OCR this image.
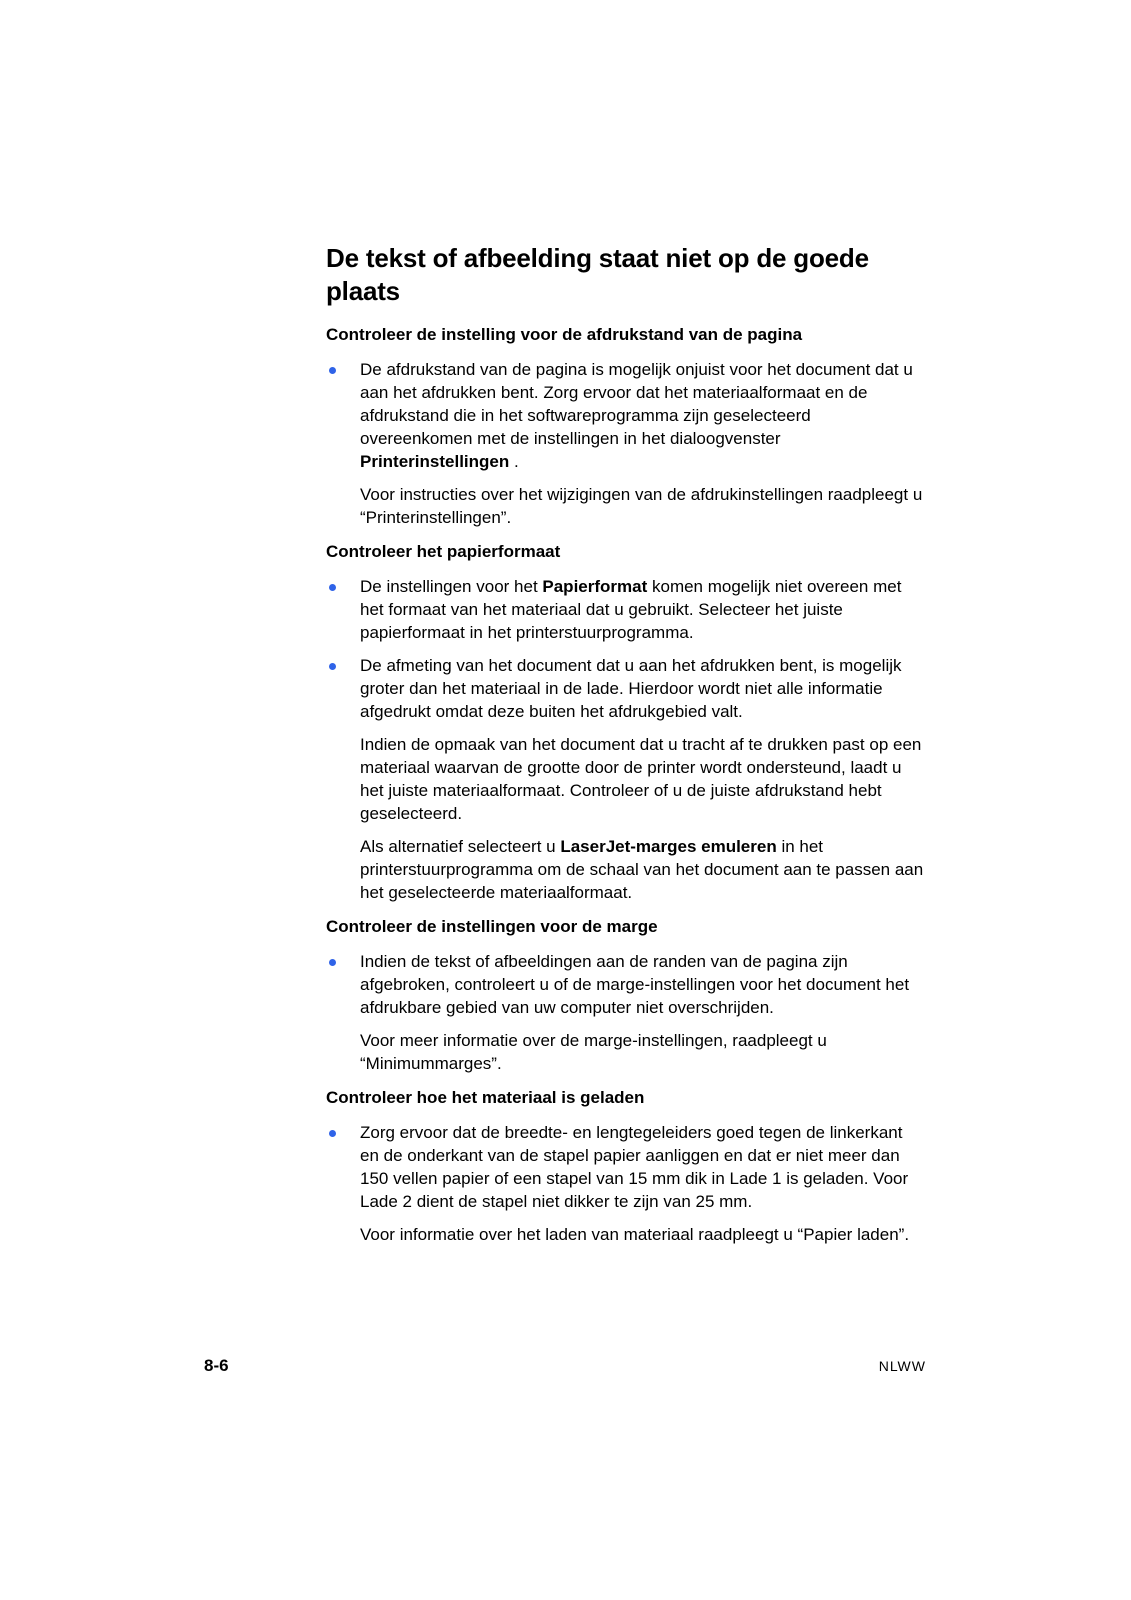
De tekst of afbeelding staat niet op de goede plaats
Controleer de instelling voor de afdrukstand van de pagina

De afdrukstand van de pagina is mogelijk onjuist voor het document dat u aan het afdrukken bent. Zorg ervoor dat het materiaalformaat en de afdrukstand die in het softwareprogramma zijn geselecteerd overeenkomen met de instellingen in het dialoogvenster Printerinstellingen .

Voor instructies over het wijzigingen van de afdrukinstellingen raadpleegt u “Printerinstellingen”.

Controleer het papierformaat

De instellingen voor het Papierformat komen mogelijk niet overeen met het formaat van het materiaal dat u gebruikt. Selecteer het juiste papierformaat in het printerstuurprogramma.

De afmeting van het document dat u aan het afdrukken bent, is mogelijk groter dan het materiaal in de lade. Hierdoor wordt niet alle informatie afgedrukt omdat deze buiten het afdrukgebied valt.

Indien de opmaak van het document dat u tracht af te drukken past op een materiaal waarvan de grootte door de printer wordt ondersteund, laadt u het juiste materiaalformaat. Controleer of u de juiste afdrukstand hebt geselecteerd.

Als alternatief selecteert u LaserJet-marges emuleren in het printerstuurprogramma om de schaal van het document aan te passen aan het geselecteerde materiaalformaat.

Controleer de instellingen voor de marge

Indien de tekst of afbeeldingen aan de randen van de pagina zijn afgebroken, controleert u of de marge-instellingen voor het document het afdrukbare gebied van uw computer niet overschrijden.

Voor meer informatie over de marge-instellingen, raadpleegt u “Minimummarges”.

Controleer hoe het materiaal is geladen

Zorg ervoor dat de breedte- en lengtegeleiders goed tegen de linkerkant en de onderkant van de stapel papier aanliggen en dat er niet meer dan 150 vellen papier of een stapel van 15 mm dik in Lade 1 is geladen. Voor Lade 2 dient de stapel niet dikker te zijn van 25 mm.

Voor informatie over het laden van materiaal raadpleegt u “Papier laden”.

8-6	NLWW
